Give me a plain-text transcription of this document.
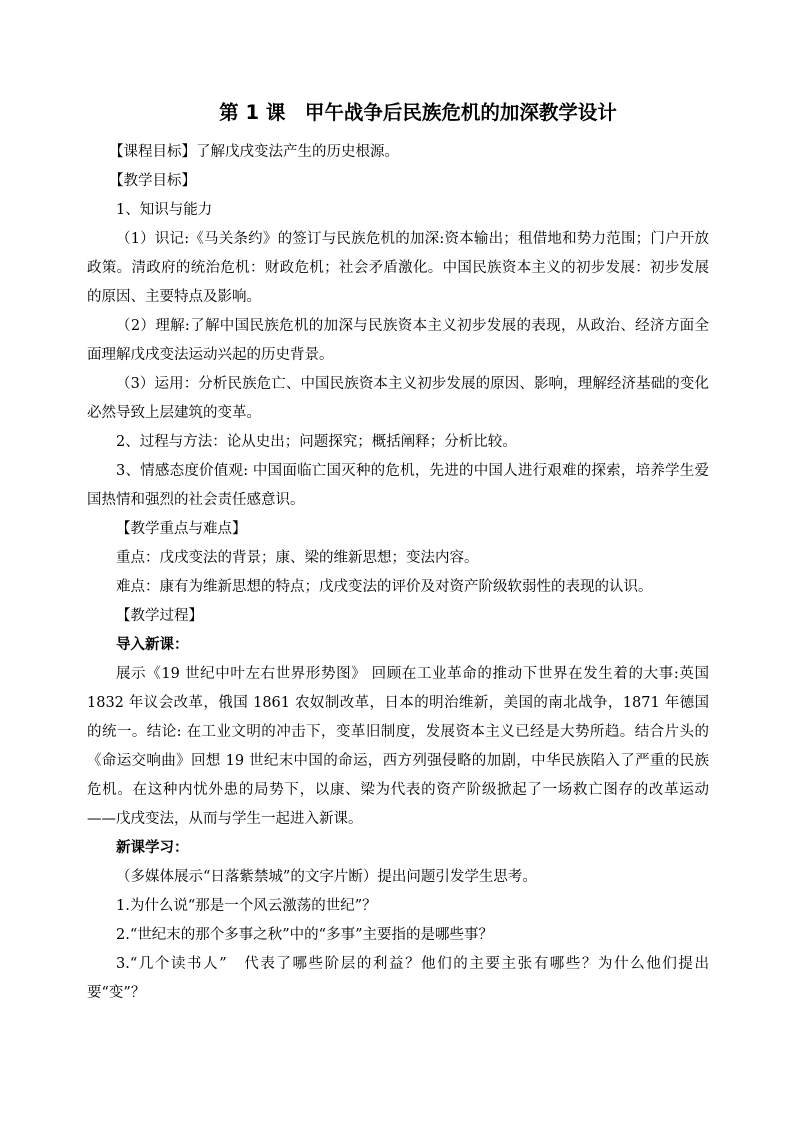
第 1 课　甲午战争后民族危机的加深教学设计

【课程目标】了解戊戌变法产生的历史根源。

【教学目标】

1、知识与能力

（1）识记:《马关条约》的签订与民族危机的加深:资本输出；租借地和势力范围；门户开放政策。清政府的统治危机：财政危机；社会矛盾激化。中国民族资本主义的初步发展：初步发展的原因、主要特点及影响。

（2）理解:了解中国民族危机的加深与民族资本主义初步发展的表现，从政治、经济方面全面理解戊戌变法运动兴起的历史背景。

（3）运用：分析民族危亡、中国民族资本主义初步发展的原因、影响，理解经济基础的变化必然导致上层建筑的变革。

2、过程与方法：论从史出；问题探究；概括阐释；分析比较。

3、情感态度价值观: 中国面临亡国灭种的危机，先进的中国人进行艰难的探索，培养学生爱国热情和强烈的社会责任感意识。

【教学重点与难点】

重点：戊戌变法的背景；康、梁的维新思想；变法内容。

难点：康有为维新思想的特点；戊戌变法的评价及对资产阶级软弱性的表现的认识。

【教学过程】

导入新课：

展示《19 世纪中叶左右世界形势图》 回顾在工业革命的推动下世界在发生着的大事:英国 1832 年议会改革，俄国 1861 农奴制改革，日本的明治维新，美国的南北战争，1871 年德国的统一。结论: 在工业文明的冲击下，变革旧制度，发展资本主义已经是大势所趋。结合片头的《命运交响曲》回想 19 世纪末中国的命运，西方列强侵略的加剧，中华民族陷入了严重的民族危机。在这种内忧外患的局势下，以康、梁为代表的资产阶级掀起了一场救亡图存的改革运动——戊戌变法，从而与学生一起进入新课。

新课学习：

（多媒体展示“日落紫禁城”的文字片断）提出问题引发学生思考。

1.为什么说“那是一个风云激荡的世纪”？

2.“世纪末的那个多事之秋”中的“多事”主要指的是哪些事？

3.“几个读书人”　代表了哪些阶层的利益？他们的主要主张有哪些？为什么他们提出要“变”？
